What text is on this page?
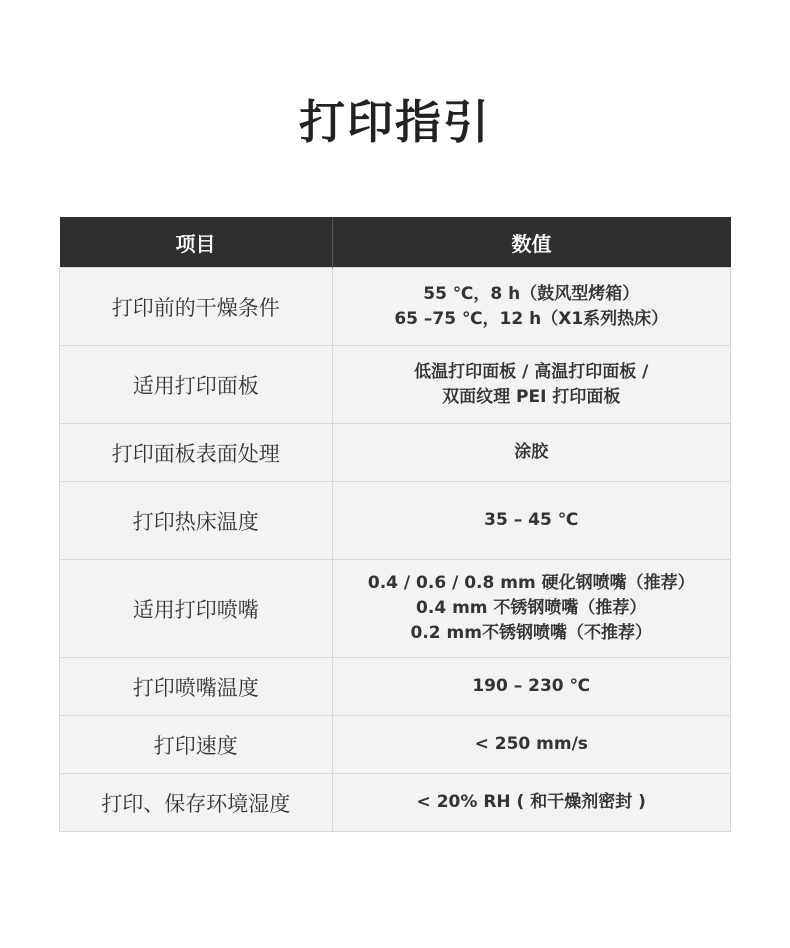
打印指引
项目	数值
打印前的干燥条件	55 ℃，8 h（鼓风型烤箱）
65 –75 ℃，12 h（X1系列热床）

适用打印面板	低温打印面板 / 高温打印面板 /
双面纹理 PEI 打印面板

打印面板表面处理	涂胶

打印热床温度	35 – 45 ℃

适用打印喷嘴	0.4 / 0.6 / 0.8 mm 硬化钢喷嘴（推荐）
0.4 mm 不锈钢喷嘴（推荐）
0.2 mm不锈钢喷嘴（不推荐）

打印喷嘴温度	190 – 230 ℃

打印速度	< 250 mm/s

打印、保存环境湿度	< 20% RH ( 和干燥剂密封 )
